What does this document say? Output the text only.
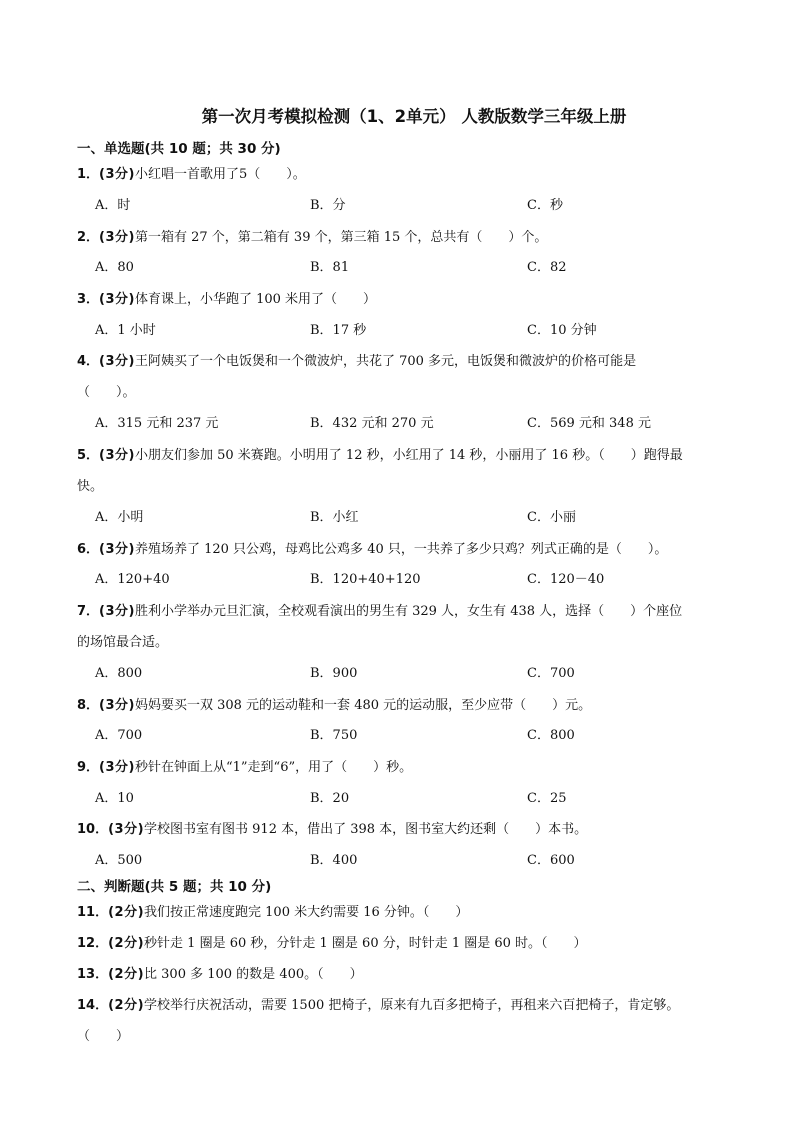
第一次月考模拟检测（1、2单元） 人教版数学三年级上册
一、单选题(共 10 题；共 30 分)
1．(3分)小红唱一首歌用了5（　　）。
A．时	B．分	C．秒
2．(3分)第一箱有 27 个，第二箱有 39 个，第三箱 15 个，总共有（　　）个。
A．80	B．81	C．82
3．(3分)体育课上，小华跑了 100 米用了（　　）
A．1 小时	B．17 秒	C．10 分钟
4．(3分)王阿姨买了一个电饭煲和一个微波炉，共花了 700 多元，电饭煲和微波炉的价格可能是
（　　）。
A．315 元和 237 元	B．432 元和 270 元	C．569 元和 348 元
5．(3分)小朋友们参加 50 米赛跑。小明用了 12 秒，小红用了 14 秒，小丽用了 16 秒。（　　）跑得最
快。
A．小明	B．小红	C．小丽
6．(3分)养殖场养了 120 只公鸡，母鸡比公鸡多 40 只，一共养了多少只鸡？列式正确的是（　　）。
A．120+40	B．120+40+120	C．120－40
7．(3分)胜利小学举办元旦汇演，全校观看演出的男生有 329 人，女生有 438 人，选择（　　）个座位
的场馆最合适。
A．800	B．900	C．700
8．(3分)妈妈要买一双 308 元的运动鞋和一套 480 元的运动服，至少应带（　　）元。
A．700	B．750	C．800
9．(3分)秒针在钟面上从“1”走到“6”，用了（　　）秒。
A．10	B．20	C．25
10．(3分)学校图书室有图书 912 本，借出了 398 本，图书室大约还剩（　　）本书。
A．500	B．400	C．600
二、判断题(共 5 题；共 10 分)
11．(2分)我们按正常速度跑完 100 米大约需要 16 分钟。（　　）
12．(2分)秒针走 1 圈是 60 秒，分针走 1 圈是 60 分，时针走 1 圈是 60 时。（　　）
13．(2分)比 300 多 100 的数是 400。（　　）
14．(2分)学校举行庆祝活动，需要 1500 把椅子，原来有九百多把椅子，再租来六百把椅子，肯定够。
（　　）
